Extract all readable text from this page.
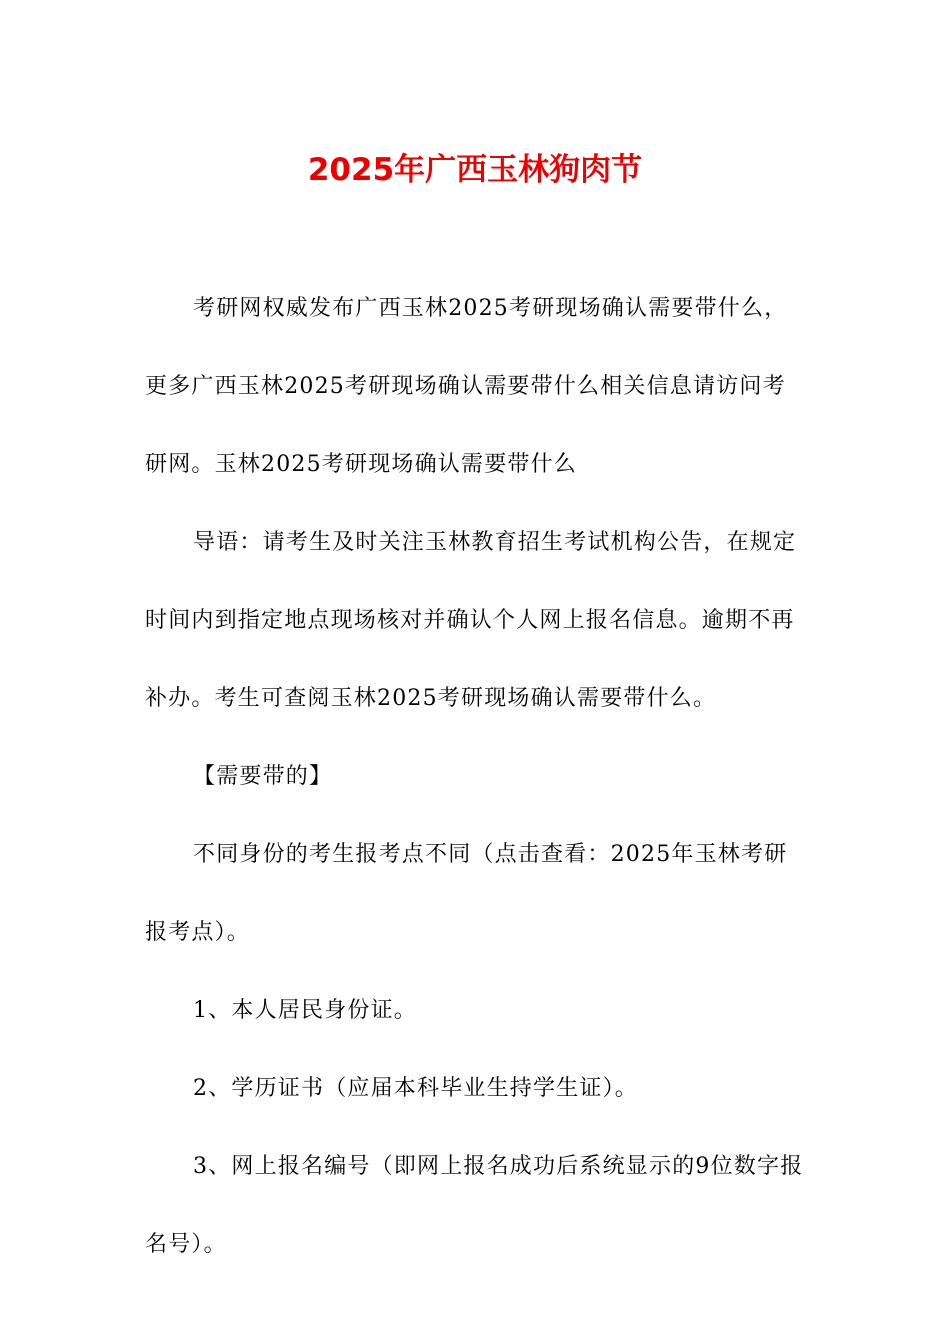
2025年广西玉林狗肉节

考研网权威发布广西玉林2025考研现场确认需要带什么，更多广西玉林2025考研现场确认需要带什么相关信息请访问考研网。玉林2025考研现场确认需要带什么

导语：请考生及时关注玉林教育招生考试机构公告，在规定时间内到指定地点现场核对并确认个人网上报名信息。逾期不再补办。考生可查阅玉林2025考研现场确认需要带什么。

【需要带的】

不同身份的考生报考点不同（点击查看：2025年玉林考研报考点）。

1、本人居民身份证。

2、学历证书（应届本科毕业生持学生证）。

3、网上报名编号（即网上报名成功后系统显示的9位数字报名号）。
